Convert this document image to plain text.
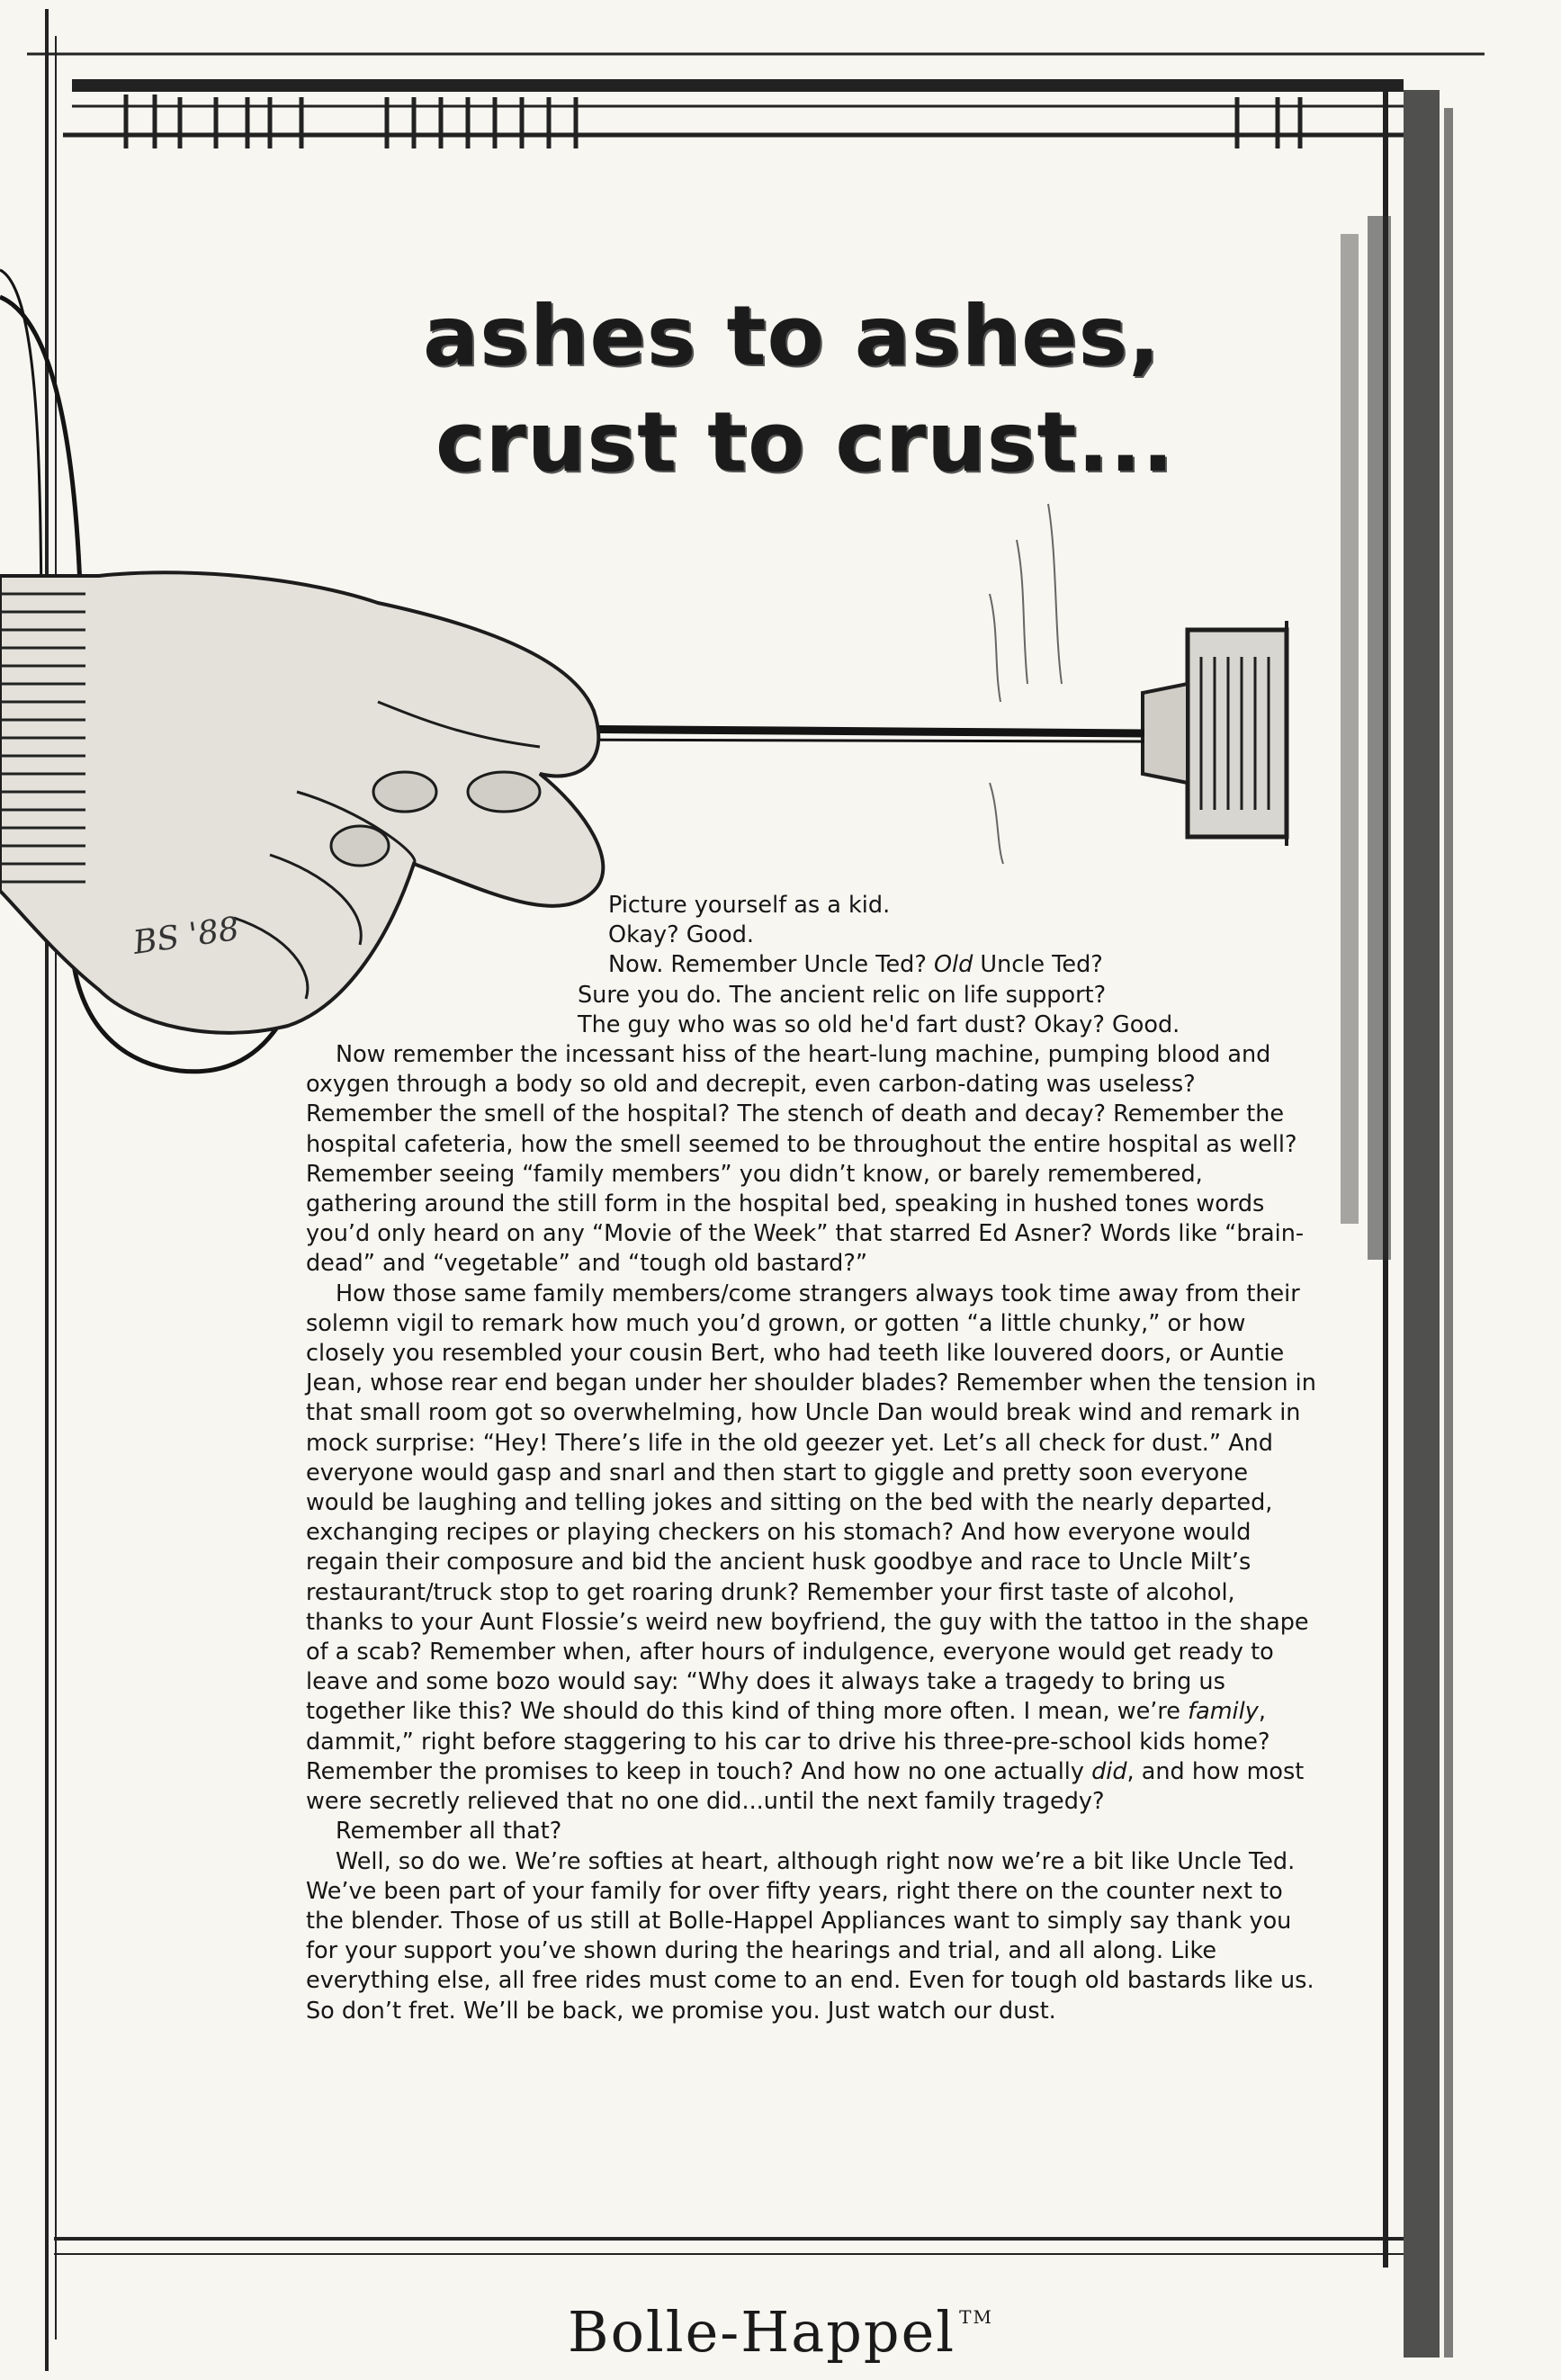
BS '88
ashes to ashes,
crust to crust...

Picture yourself as a kid.

Okay? Good.

Now. Remember Uncle Ted? Old Uncle Ted?

Sure you do. The ancient relic on life support?

The guy who was so old he'd fart dust? Okay? Good.

Now remember the incessant hiss of the heart-lung machine, pumping blood and oxygen through a body so old and decrepit, even carbon-dating was useless? Remember the smell of the hospital? The stench of death and decay? Remember the hospital cafeteria, how the smell seemed to be throughout the entire hospital as well? Remember seeing “family members” you didn’t know, or barely remembered, gathering around the still form in the hospital bed, speaking in hushed tones words you’d only heard on any “Movie of the Week” that starred Ed Asner? Words like “brain-dead” and “vegetable” and “tough old bastard?”

How those same family members/come strangers always took time away from their solemn vigil to remark how much you’d grown, or gotten “a little chunky,” or how closely you resembled your cousin Bert, who had teeth like louvered doors, or Auntie Jean, whose rear end began under her shoulder blades? Remember when the tension in that small room got so overwhelming, how Uncle Dan would break wind and remark in mock surprise: “Hey! There’s life in the old geezer yet. Let’s all check for dust.” And everyone would gasp and snarl and then start to giggle and pretty soon everyone would be laughing and telling jokes and sitting on the bed with the nearly departed, exchanging recipes or playing checkers on his stomach? And how everyone would regain their composure and bid the ancient husk goodbye and race to Uncle Milt’s restaurant/truck stop to get roaring drunk? Remember your first taste of alcohol, thanks to your Aunt Flossie’s weird new boyfriend, the guy with the tattoo in the shape of a scab? Remember when, after hours of indulgence, everyone would get ready to leave and some bozo would say: “Why does it always take a tragedy to bring us together like this? We should do this kind of thing more often. I mean, we’re family, dammit,” right before staggering to his car to drive his three-pre-school kids home? Remember the promises to keep in touch? And how no one actually did, and how most were secretly relieved that no one did...until the next family tragedy?

Remember all that?

Well, so do we. We’re softies at heart, although right now we’re a bit like Uncle Ted. We’ve been part of your family for over fifty years, right there on the counter next to the blender. Those of us still at Bolle-Happel Appliances want to simply say thank you for your support you’ve shown during the hearings and trial, and all along. Like everything else, all free rides must come to an end. Even for tough old bastards like us. So don’t fret. We’ll be back, we promise you. Just watch our dust.

Bolle-Happel ™
